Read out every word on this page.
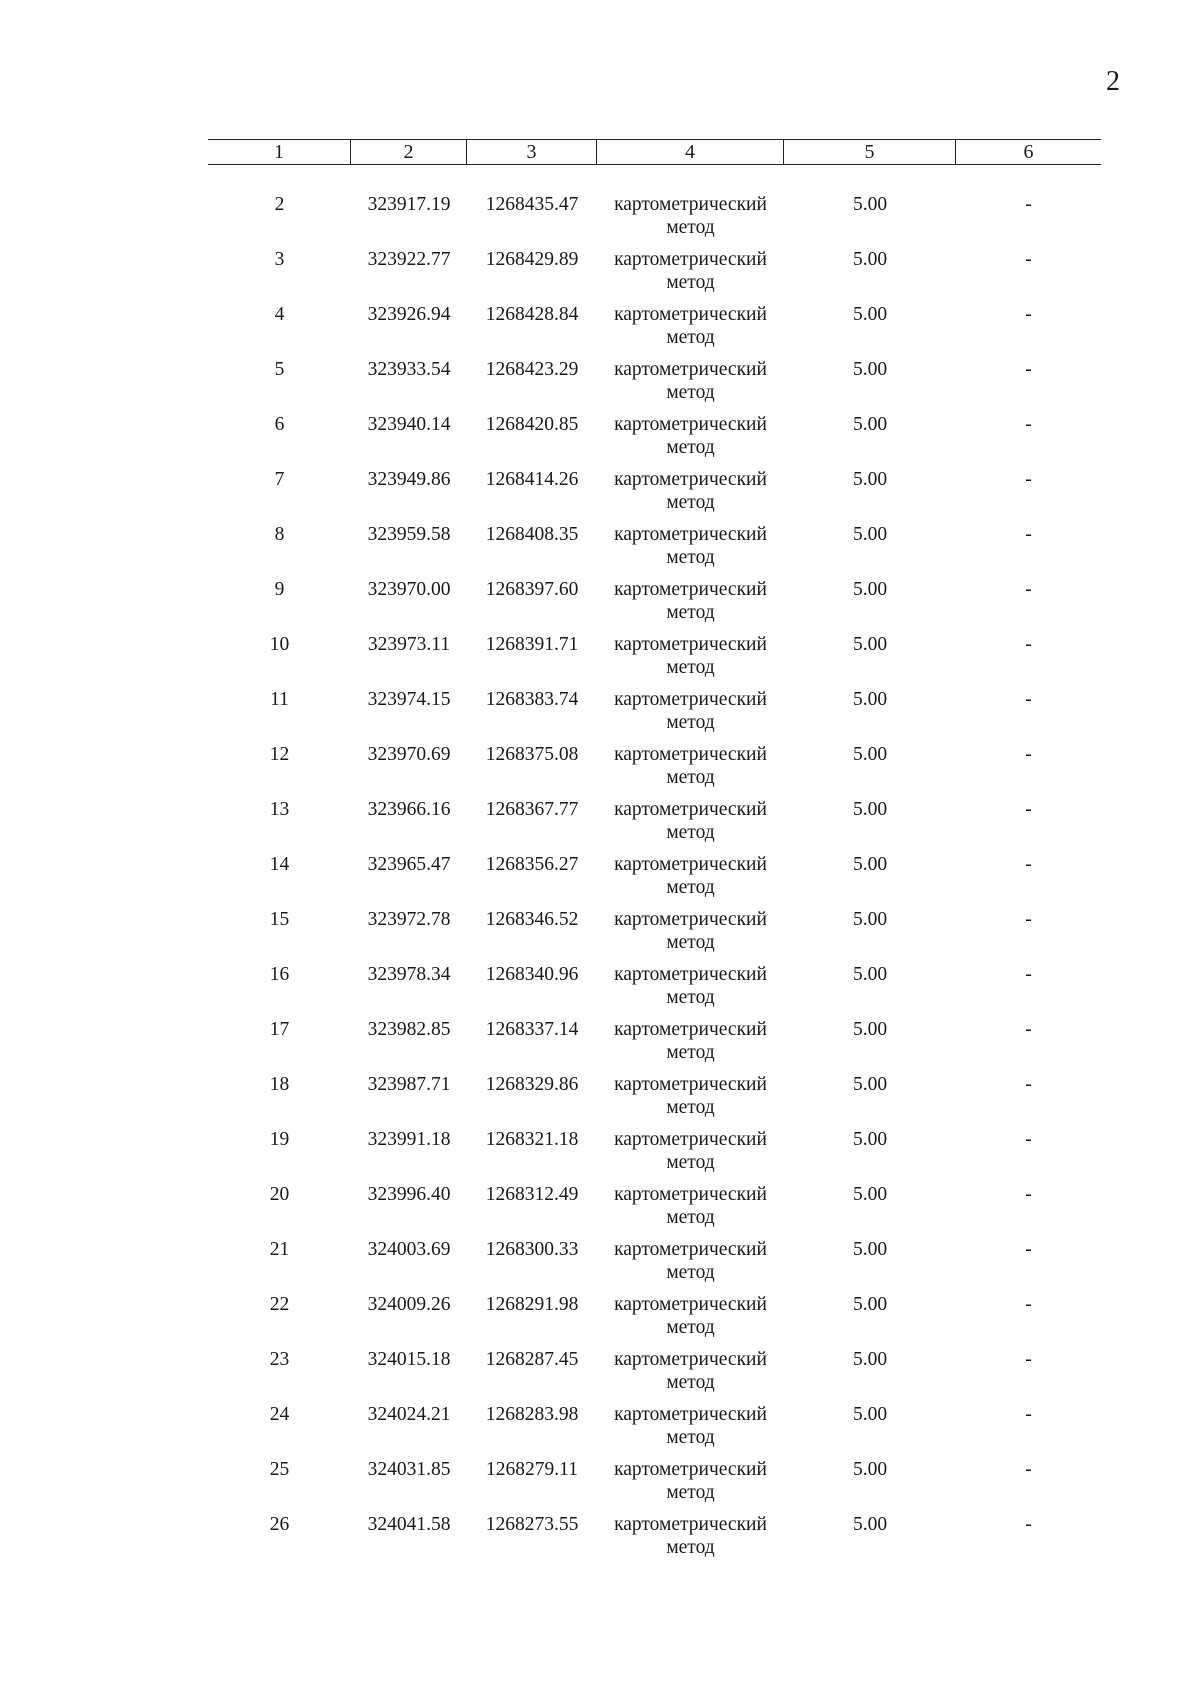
2
1	2	3	4	5	6
2	323917.19	1268435.47	картометрический
метод
5.00	-
3	323922.77	1268429.89	картометрический
метод
5.00	-
4	323926.94	1268428.84	картометрический
метод
5.00	-
5	323933.54	1268423.29	картометрический
метод
5.00	-
6	323940.14	1268420.85	картометрический
метод
5.00	-
7	323949.86	1268414.26	картометрический
метод
5.00	-
8	323959.58	1268408.35	картометрический
метод
5.00	-
9	323970.00	1268397.60	картометрический
метод
5.00	-
10	323973.11	1268391.71	картометрический
метод
5.00	-
11	323974.15	1268383.74	картометрический
метод
5.00	-
12	323970.69	1268375.08	картометрический
метод
5.00	-
13	323966.16	1268367.77	картометрический
метод
5.00	-
14	323965.47	1268356.27	картометрический
метод
5.00	-
15	323972.78	1268346.52	картометрический
метод
5.00	-
16	323978.34	1268340.96	картометрический
метод
5.00	-
17	323982.85	1268337.14	картометрический
метод
5.00	-
18	323987.71	1268329.86	картометрический
метод
5.00	-
19	323991.18	1268321.18	картометрический
метод
5.00	-
20	323996.40	1268312.49	картометрический
метод
5.00	-
21	324003.69	1268300.33	картометрический
метод
5.00	-
22	324009.26	1268291.98	картометрический
метод
5.00	-
23	324015.18	1268287.45	картометрический
метод
5.00	-
24	324024.21	1268283.98	картометрический
метод
5.00	-
25	324031.85	1268279.11	картометрический
метод
5.00	-
26	324041.58	1268273.55	картометрический
метод
5.00	-
